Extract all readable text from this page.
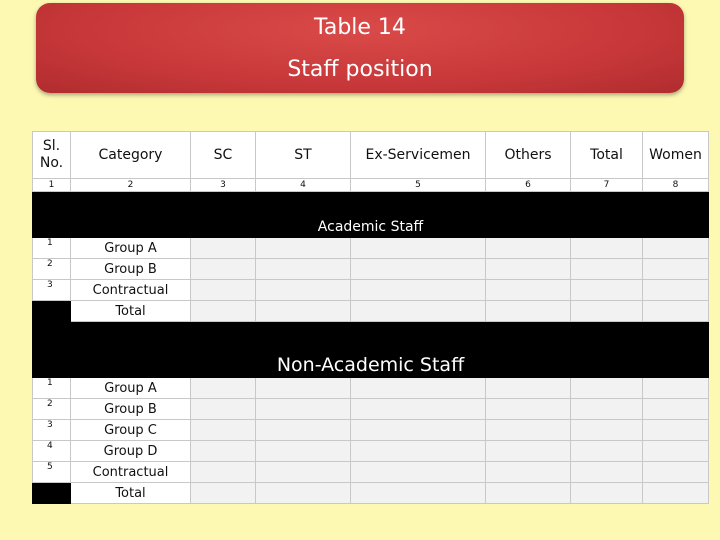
Table 14
Staff position
Sl. No.	Category	SC	ST	Ex-Servicemen	Others	Total	Women
1	2	3	4	5	6	7	8

Academic Staff							

1	Group A						
2	Group B						
3	Contractual						
	Total						

Non-Academic Staff							

1	Group A						
2	Group B						
3	Group C						
4	Group D						
5	Contractual						
	Total						
